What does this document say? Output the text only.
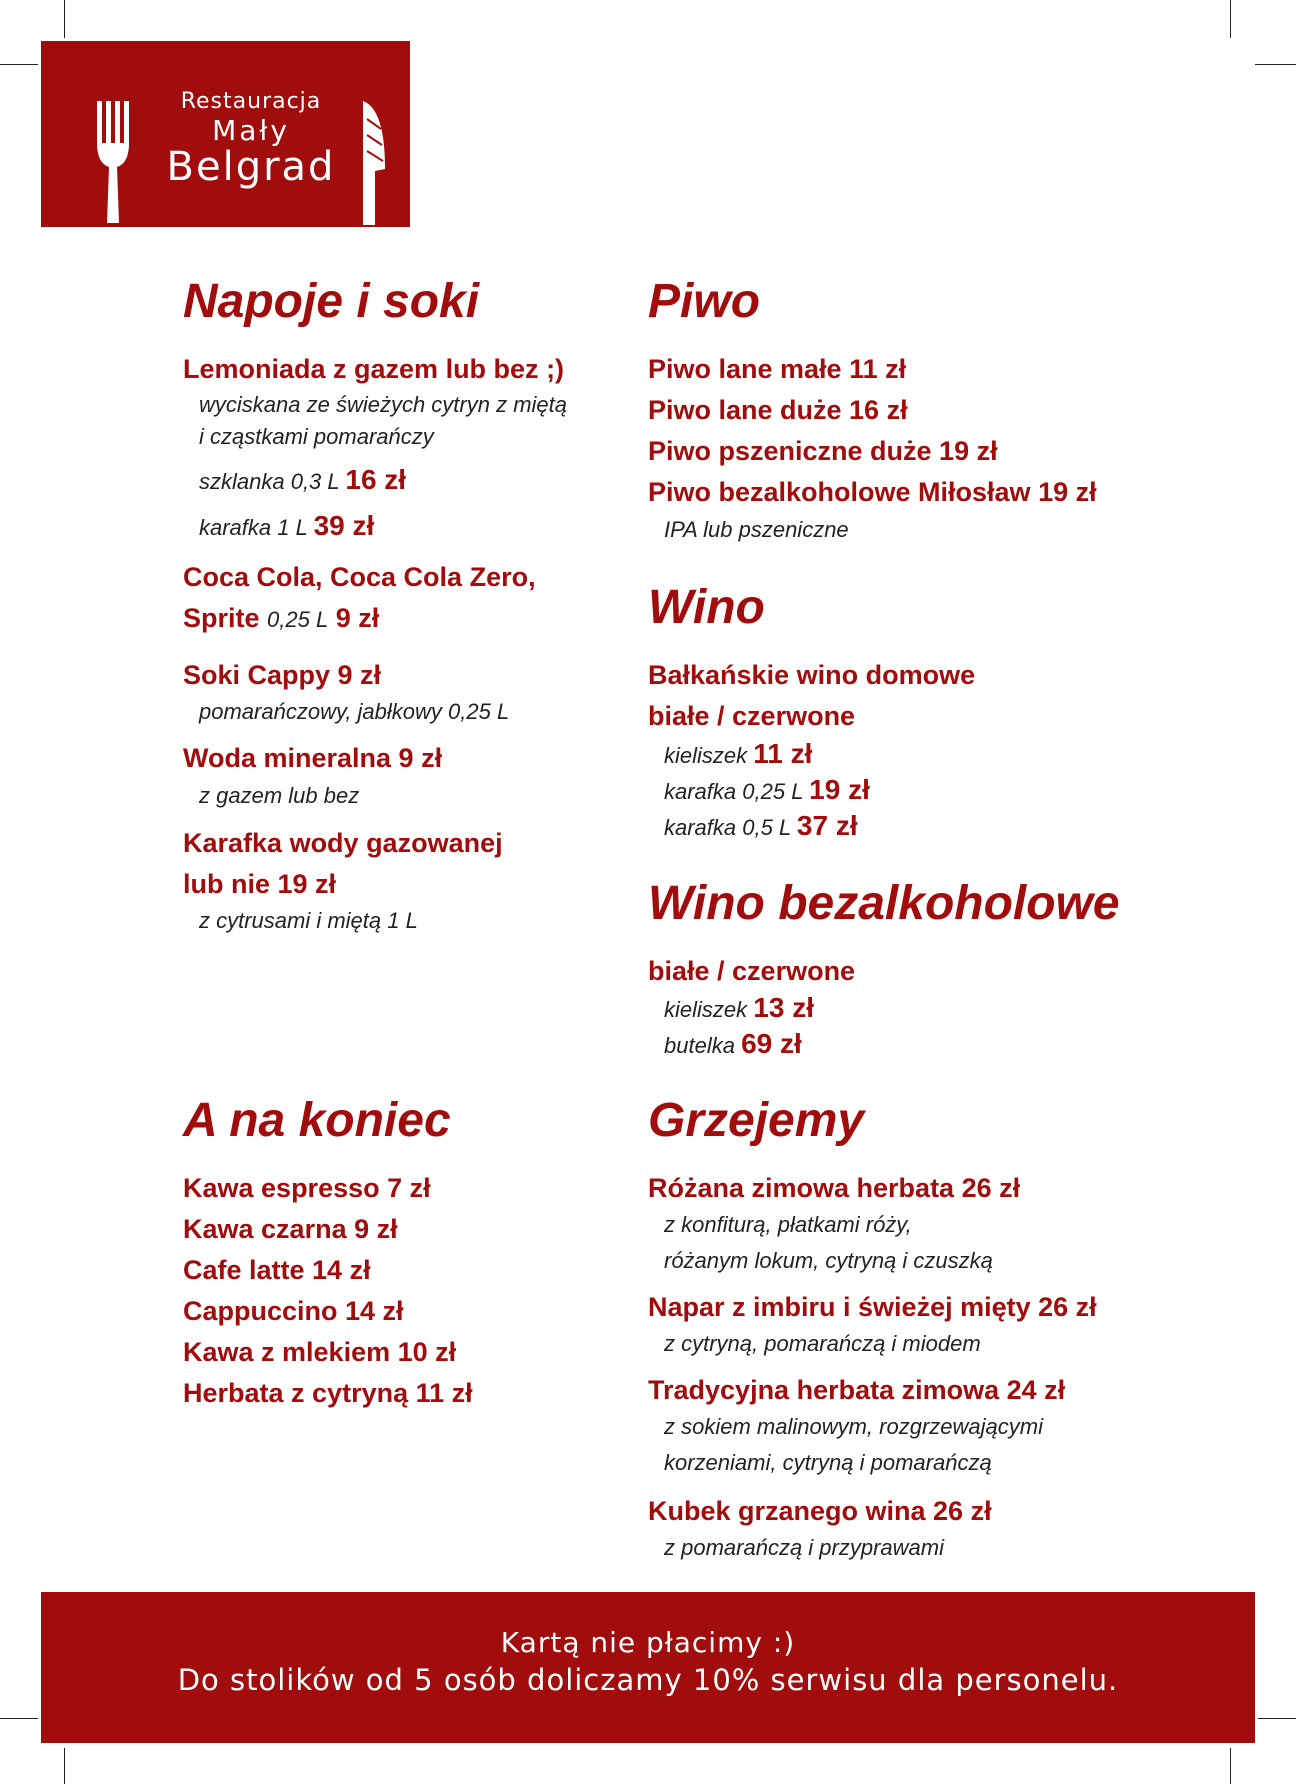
Restauracja
Mały
Belgrad
Napoje i soki
Lemoniada z gazem lub bez ;)
wyciskana ze świeżych cytryn z miętą
i cząstkami pomarańczy
szklanka 0,3 L 16 zł
karafka 1 L 39 zł
Coca Cola, Coca Cola Zero,
Sprite 0,25 L 9 zł
Soki Cappy 9 zł
pomarańczowy, jabłkowy 0,25 L
Woda mineralna 9 zł
z gazem lub bez
Karafka wody gazowanej
lub nie 19 zł
z cytrusami i miętą 1 L
Piwo
Piwo lane małe 11 zł
Piwo lane duże 16 zł
Piwo pszeniczne duże 19 zł
Piwo bezalkoholowe Miłosław 19 zł
IPA lub pszeniczne
Wino
Bałkańskie wino domowe
białe / czerwone
kieliszek 11 zł
karafka 0,25 L 19 zł
karafka 0,5 L 37 zł
Wino bezalkoholowe
białe / czerwone
kieliszek 13 zł
butelka 69 zł
A na koniec
Kawa espresso 7 zł
Kawa czarna 9 zł
Cafe latte 14 zł
Cappuccino 14 zł
Kawa z mlekiem 10 zł
Herbata z cytryną 11 zł
Grzejemy
Różana zimowa herbata 26 zł
z konfiturą, płatkami róży,
różanym lokum, cytryną i czuszką
Napar z imbiru i świeżej mięty 26 zł
z cytryną, pomarańczą i miodem
Tradycyjna herbata zimowa 24 zł
z sokiem malinowym, rozgrzewającymi
korzeniami, cytryną i pomarańczą
Kubek grzanego wina 26 zł
z pomarańczą i przyprawami
Kartą nie płacimy :)
Do stolików od 5 osób doliczamy 10% serwisu dla personelu.
